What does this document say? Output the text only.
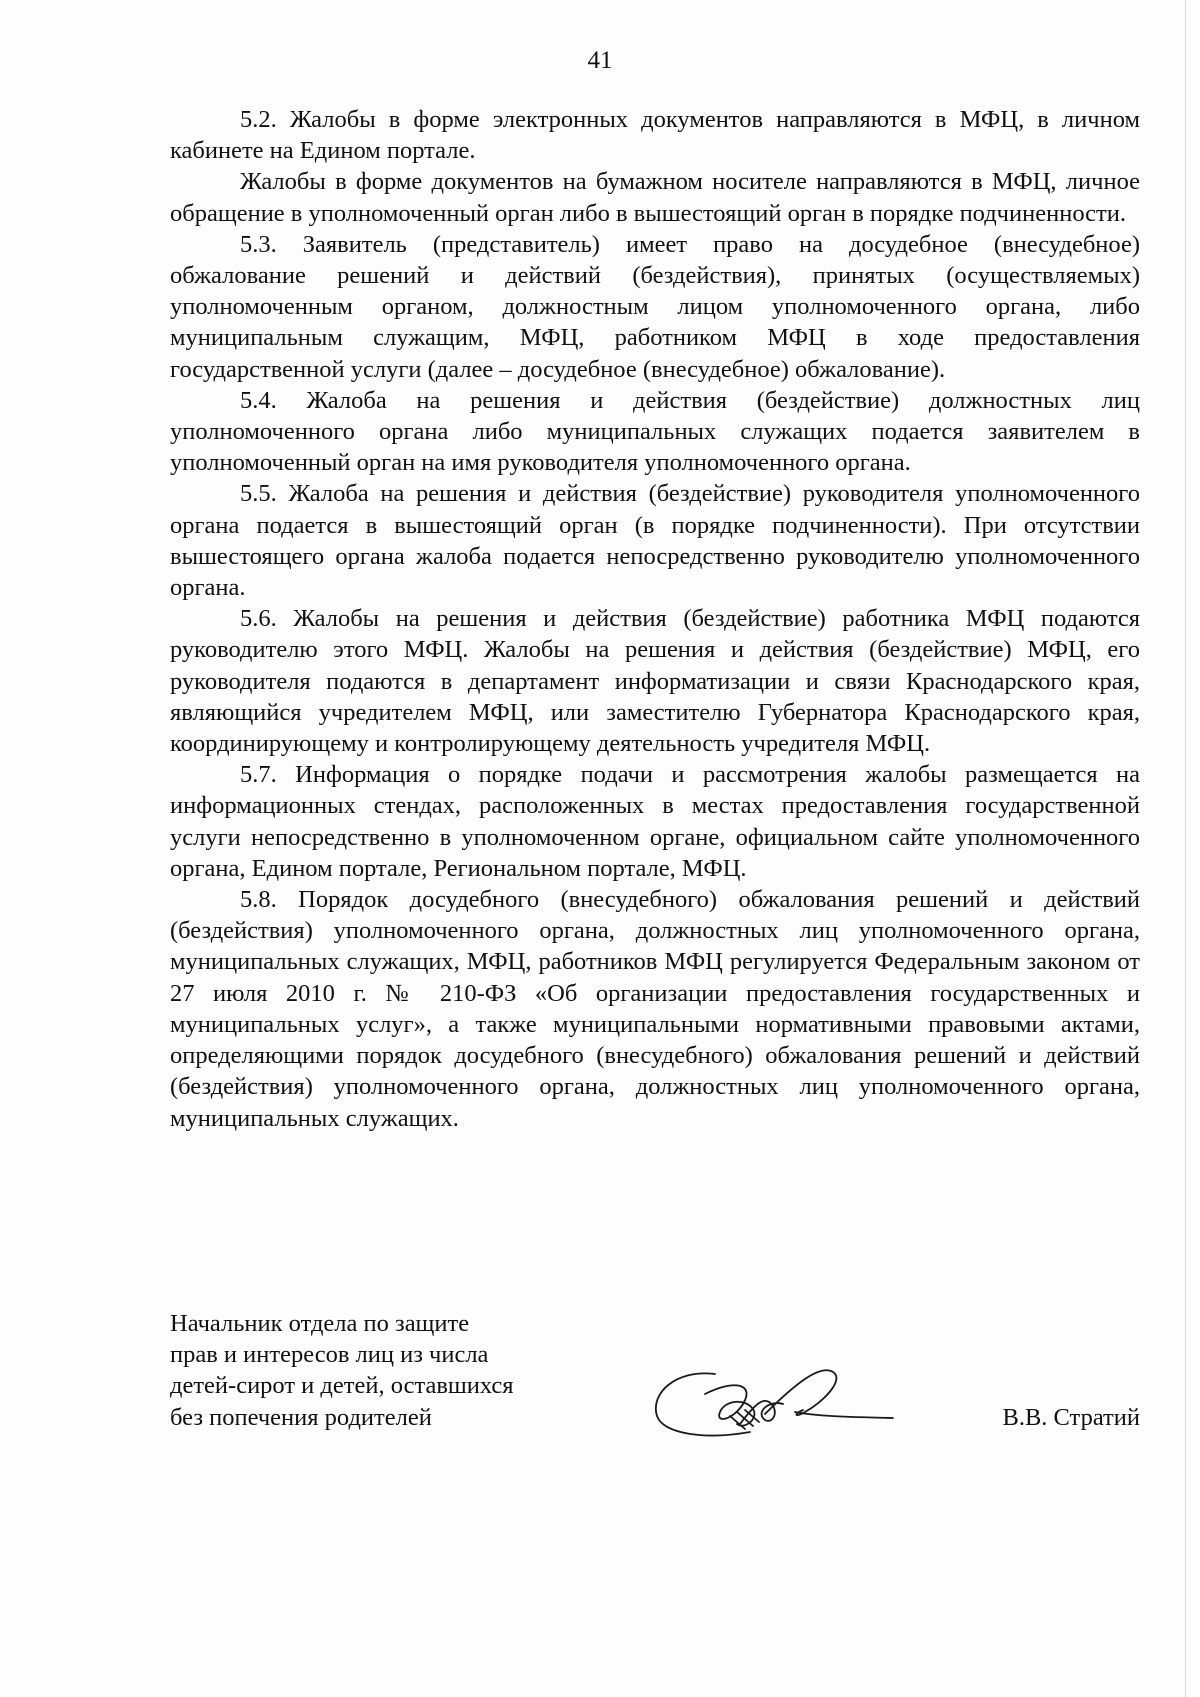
41

5.2. Жалобы в форме электронных документов направляются в МФЦ, в личном кабинете на Едином портале.

Жалобы в форме документов на бумажном носителе направляются в МФЦ, личное обращение в уполномоченный орган либо в вышестоящий орган в порядке подчиненности.

5.3. Заявитель (представитель) имеет право на досудебное (внесудебное) обжалование решений и действий (бездействия), принятых (осуществляемых) уполномоченным органом, должностным лицом уполномоченного органа, либо муниципальным служащим, МФЦ, работником МФЦ в ходе предоставления государственной услуги (далее – досудебное (внесудебное) обжалование).

5.4. Жалоба на решения и действия (бездействие) должностных лиц уполномоченного органа либо муниципальных служащих подается заявителем в уполномоченный орган на имя руководителя уполномоченного органа.

5.5. Жалоба на решения и действия (бездействие) руководителя уполномоченного органа подается в вышестоящий орган (в порядке подчиненности). При отсутствии вышестоящего органа жалоба подается непосредственно руководителю уполномоченного органа.

5.6. Жалобы на решения и действия (бездействие) работника МФЦ подаются руководителю этого МФЦ. Жалобы на решения и действия (бездействие) МФЦ, его руководителя подаются в департамент информатизации и связи Краснодарского края, являющийся учредителем МФЦ, или заместителю Губернатора Краснодарского края, координирующему и контролирующему деятельность учредителя МФЦ.

5.7. Информация о порядке подачи и рассмотрения жалобы размещается на информационных стендах, расположенных в местах предоставления государственной услуги непосредственно в уполномоченном органе, официальном сайте уполномоченного органа, Едином портале, Региональном портале, МФЦ.

5.8. Порядок досудебного (внесудебного) обжалования решений и действий (бездействия) уполномоченного органа, должностных лиц уполномоченного органа, муниципальных служащих, МФЦ, работников МФЦ регулируется Федеральным законом от 27 июля 2010 г. № 210-ФЗ «Об организации предоставления государственных и муниципальных услуг», а также муниципальными нормативными правовыми актами, определяющими порядок досудебного (внесудебного) обжалования решений и действий (бездействия) уполномоченного органа, должностных лиц уполномоченного органа, муниципальных служащих.

Начальник отдела по защите
прав и интересов лиц из числа
детей-сирот и детей, оставшихся
без попечения родителей	В.В. Стратий
